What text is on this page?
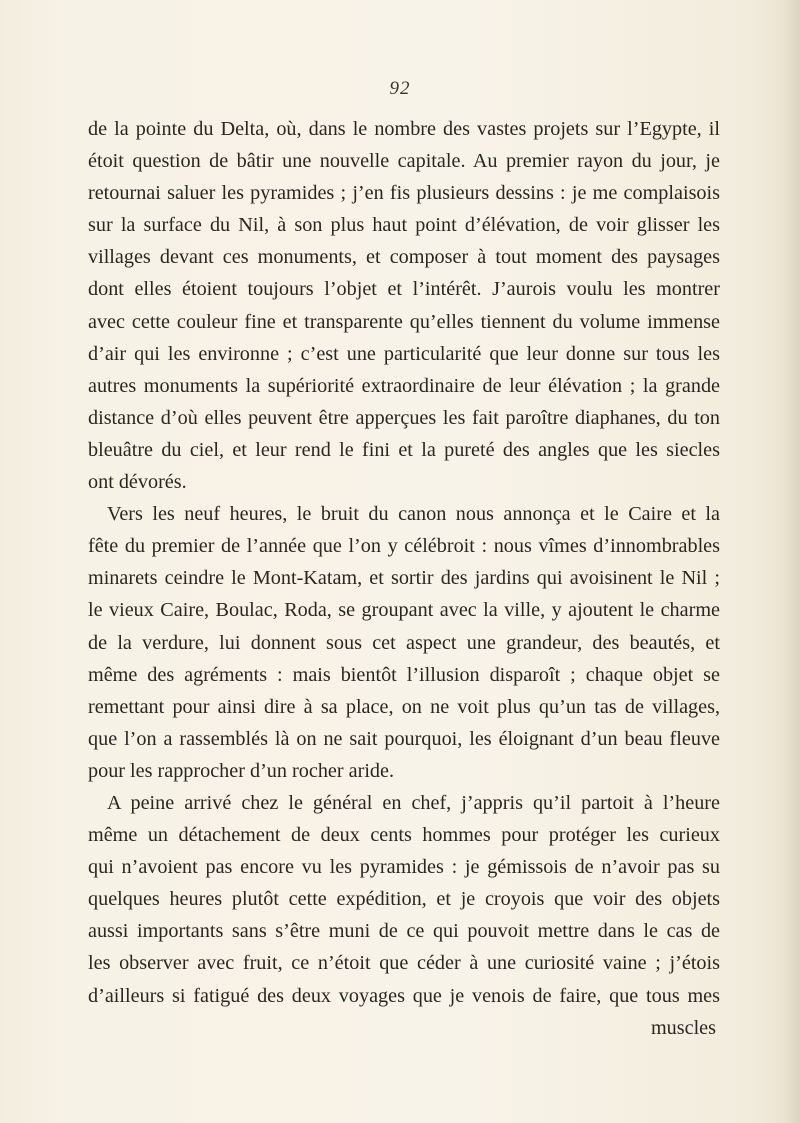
92
de la pointe du Delta, où, dans le nombre des vastes projets sur l’Egypte, il
étoit question de bâtir une nouvelle capitale. Au premier rayon du jour, je
retournai saluer les pyramides ; j’en fis plusieurs dessins : je me complaisois
sur la surface du Nil, à son plus haut point d’élévation, de voir glisser les
villages devant ces monuments, et composer à tout moment des paysages
dont elles étoient toujours l’objet et l’intérêt. J’aurois voulu les montrer
avec cette couleur fine et transparente qu’elles tiennent du volume immense
d’air qui les environne ; c’est une particularité que leur donne sur tous les
autres monuments la supériorité extraordinaire de leur élévation ; la grande
distance d’où elles peuvent être apperçues les fait paroître diaphanes, du ton
bleuâtre du ciel, et leur rend le fini et la pureté des angles que les siecles
ont dévorés.
Vers les neuf heures, le bruit du canon nous annonça et le Caire et la
fête du premier de l’année que l’on y célébroit : nous vîmes d’innombrables
minarets ceindre le Mont-Katam, et sortir des jardins qui avoisinent le Nil ;
le vieux Caire, Boulac, Roda, se groupant avec la ville, y ajoutent le charme
de la verdure, lui donnent sous cet aspect une grandeur, des beautés, et
même des agréments : mais bientôt l’illusion disparoît ; chaque objet se
remettant pour ainsi dire à sa place, on ne voit plus qu’un tas de villages,
que l’on a rassemblés là on ne sait pourquoi, les éloignant d’un beau fleuve
pour les rapprocher d’un rocher aride.
A peine arrivé chez le général en chef, j’appris qu’il partoit à l’heure
même un détachement de deux cents hommes pour protéger les curieux
qui n’avoient pas encore vu les pyramides : je gémissois de n’avoir pas su
quelques heures plutôt cette expédition, et je croyois que voir des objets
aussi importants sans s’être muni de ce qui pouvoit mettre dans le cas de
les observer avec fruit, ce n’étoit que céder à une curiosité vaine ; j’étois
d’ailleurs si fatigué des deux voyages que je venois de faire, que tous mes
muscles
